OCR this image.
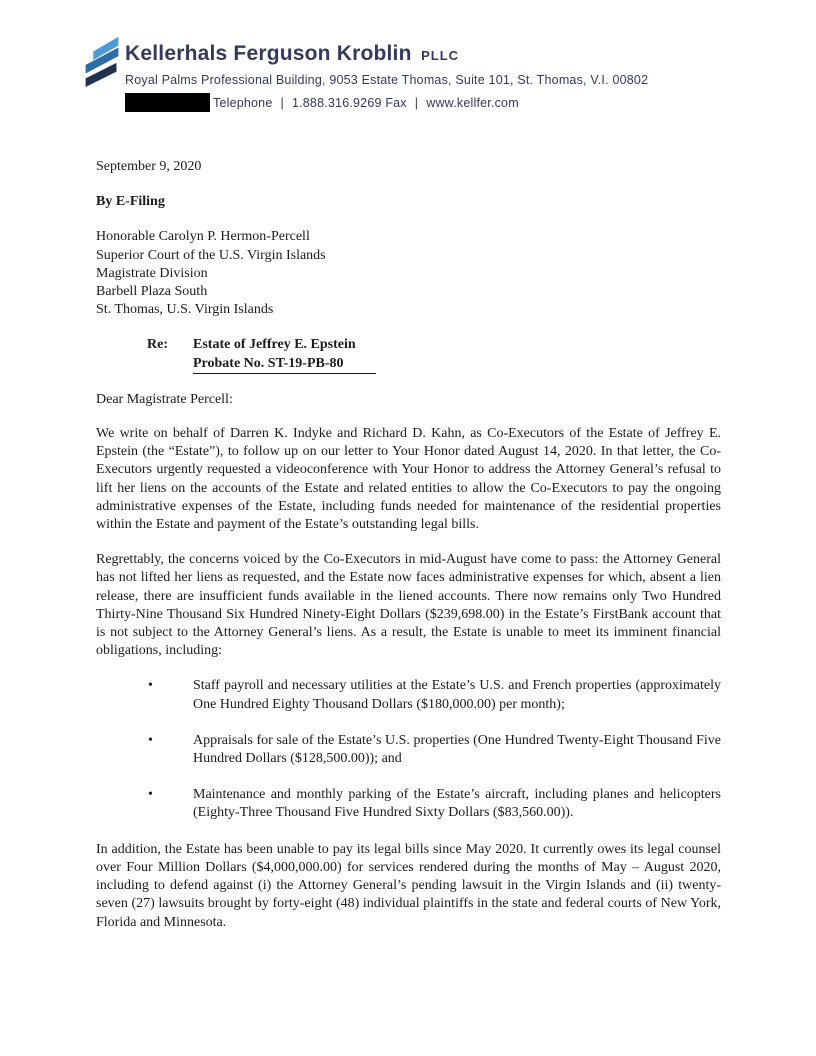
Kellerhals Ferguson Kroblin PLLC
Royal Palms Professional Building, 9053 Estate Thomas, Suite 101, St. Thomas, V.I. 00802
Telephone | 1.888.316.9269 Fax | www.kellfer.com

September 9, 2020

By E-Filing

Honorable Carolyn P. Hermon-Percell
Superior Court of the U.S. Virgin Islands
Magistrate Division
Barbell Plaza South
St. Thomas, U.S. Virgin Islands
Re:	Estate of Jeffrey E. Epstein
Probate No. ST-19-PB-80

Dear Magistrate Percell:

We write on behalf of Darren K. Indyke and Richard D. Kahn, as Co-Executors of the Estate of Jeffrey E. Epstein (the “Estate”), to follow up on our letter to Your Honor dated August 14, 2020. In that letter, the Co-Executors urgently requested a videoconference with Your Honor to address the Attorney General’s refusal to lift her liens on the accounts of the Estate and related entities to allow the Co-Executors to pay the ongoing administrative expenses of the Estate, including funds needed for maintenance of the residential properties within the Estate and payment of the Estate’s outstanding legal bills.

Regrettably, the concerns voiced by the Co-Executors in mid-August have come to pass: the Attorney General has not lifted her liens as requested, and the Estate now faces administrative expenses for which, absent a lien release, there are insufficient funds available in the liened accounts. There now remains only Two Hundred Thirty-Nine Thousand Six Hundred Ninety-Eight Dollars ($239,698.00) in the Estate’s FirstBank account that is not subject to the Attorney General’s liens. As a result, the Estate is unable to meet its imminent financial obligations, including:

•	Staff payroll and necessary utilities at the Estate’s U.S. and French properties (approximately One Hundred Eighty Thousand Dollars ($180,000.00) per month);
•	Appraisals for sale of the Estate’s U.S. properties (One Hundred Twenty-Eight Thousand Five Hundred Dollars ($128,500.00)); and
•	Maintenance and monthly parking of the Estate’s aircraft, including planes and helicopters (Eighty-Three Thousand Five Hundred Sixty Dollars ($83,560.00)).

In addition, the Estate has been unable to pay its legal bills since May 2020. It currently owes its legal counsel over Four Million Dollars ($4,000,000.00) for services rendered during the months of May – August 2020, including to defend against (i) the Attorney General’s pending lawsuit in the Virgin Islands and (ii) twenty-seven (27) lawsuits brought by forty-eight (48) individual plaintiffs in the state and federal courts of New York, Florida and Minnesota.
